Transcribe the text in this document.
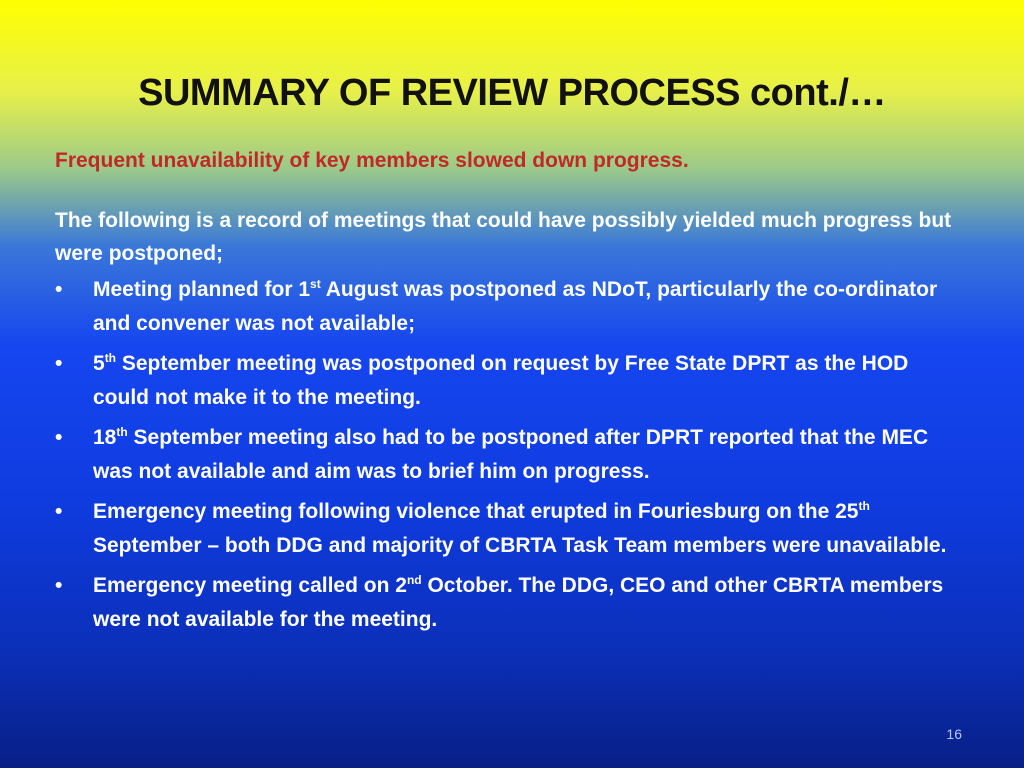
SUMMARY OF REVIEW PROCESS cont./…

Frequent unavailability of key members slowed down progress.

The following is a record of meetings that could have possibly yielded much progress but were postponed;

• Meeting planned for 1st August was postponed as NDoT, particularly the co-ordinator and convener was not available;
• 5th September meeting was postponed on request by Free State DPRT as the HOD could not make it to the meeting.
• 18th September meeting also had to be postponed after DPRT reported that the MEC was not available and aim was to brief him on progress.
• Emergency meeting following violence that erupted in Fouriesburg on the 25th September – both DDG and majority of CBRTA Task Team members were unavailable.
• Emergency meeting called on 2nd October. The DDG, CEO and other CBRTA members were not available for the meeting.
16
